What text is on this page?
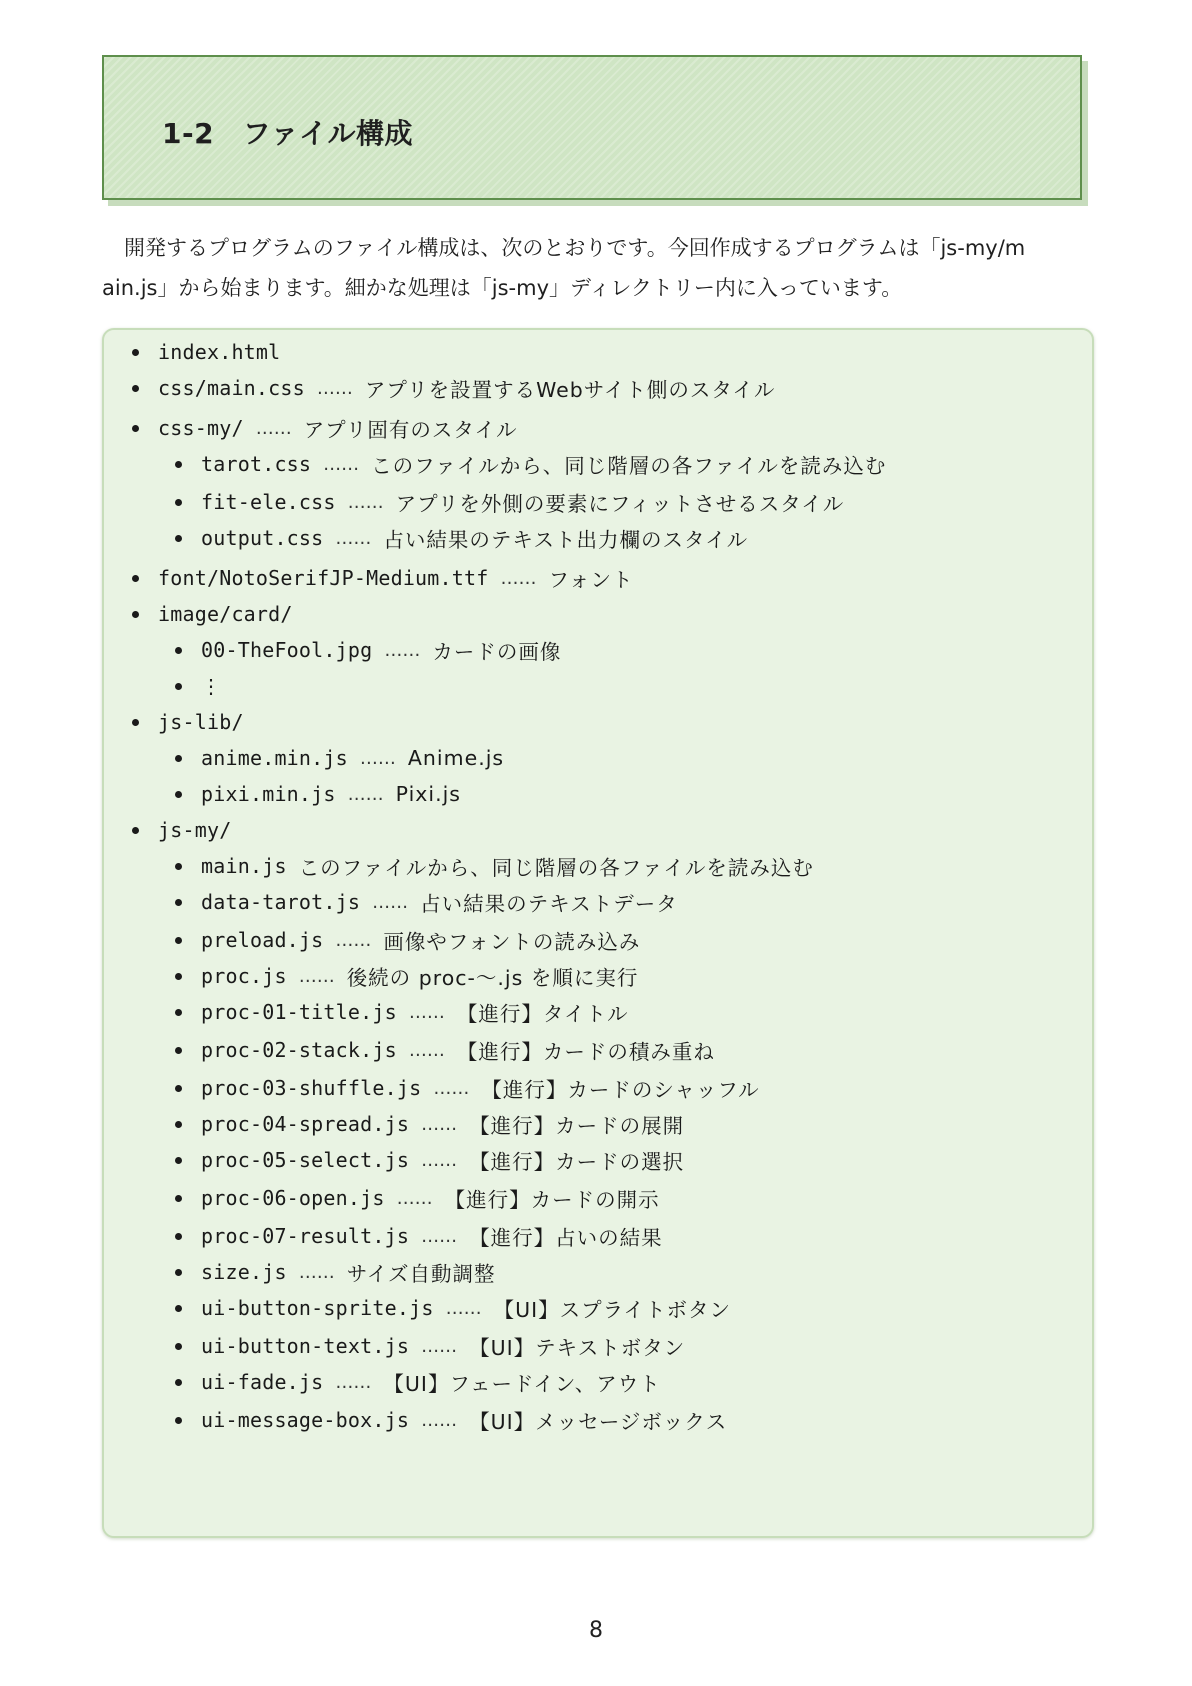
1-2　ファイル構成
開発するプログラムのファイル構成は、次のとおりです。今回作成するプログラムは「js-my/m
ain.js」から始まります。細かな処理は「js-my」ディレクトリー内に入っています。
index.html
css/main.css …… アプリを設置するWebサイト側のスタイル
css-my/ …… アプリ固有のスタイル
tarot.css …… このファイルから、同じ階層の各ファイルを読み込む
fit-ele.css …… アプリを外側の要素にフィットさせるスタイル
output.css …… 占い結果のテキスト出力欄のスタイル
font/NotoSerifJP-Medium.ttf …… フォント
image/card/
00-TheFool.jpg …… カードの画像
⋮
js-lib/
anime.min.js …… Anime.js
pixi.min.js …… Pixi.js
js-my/
main.js このファイルから、同じ階層の各ファイルを読み込む
data-tarot.js …… 占い結果のテキストデータ
preload.js …… 画像やフォントの読み込み
proc.js …… 後続の proc-〜.js を順に実行
proc-01-title.js …… 【進行】タイトル
proc-02-stack.js …… 【進行】カードの積み重ね
proc-03-shuffle.js …… 【進行】カードのシャッフル
proc-04-spread.js …… 【進行】カードの展開
proc-05-select.js …… 【進行】カードの選択
proc-06-open.js …… 【進行】カードの開示
proc-07-result.js …… 【進行】占いの結果
size.js …… サイズ自動調整
ui-button-sprite.js …… 【UI】スプライトボタン
ui-button-text.js …… 【UI】テキストボタン
ui-fade.js …… 【UI】フェードイン、アウト
ui-message-box.js …… 【UI】メッセージボックス
8
